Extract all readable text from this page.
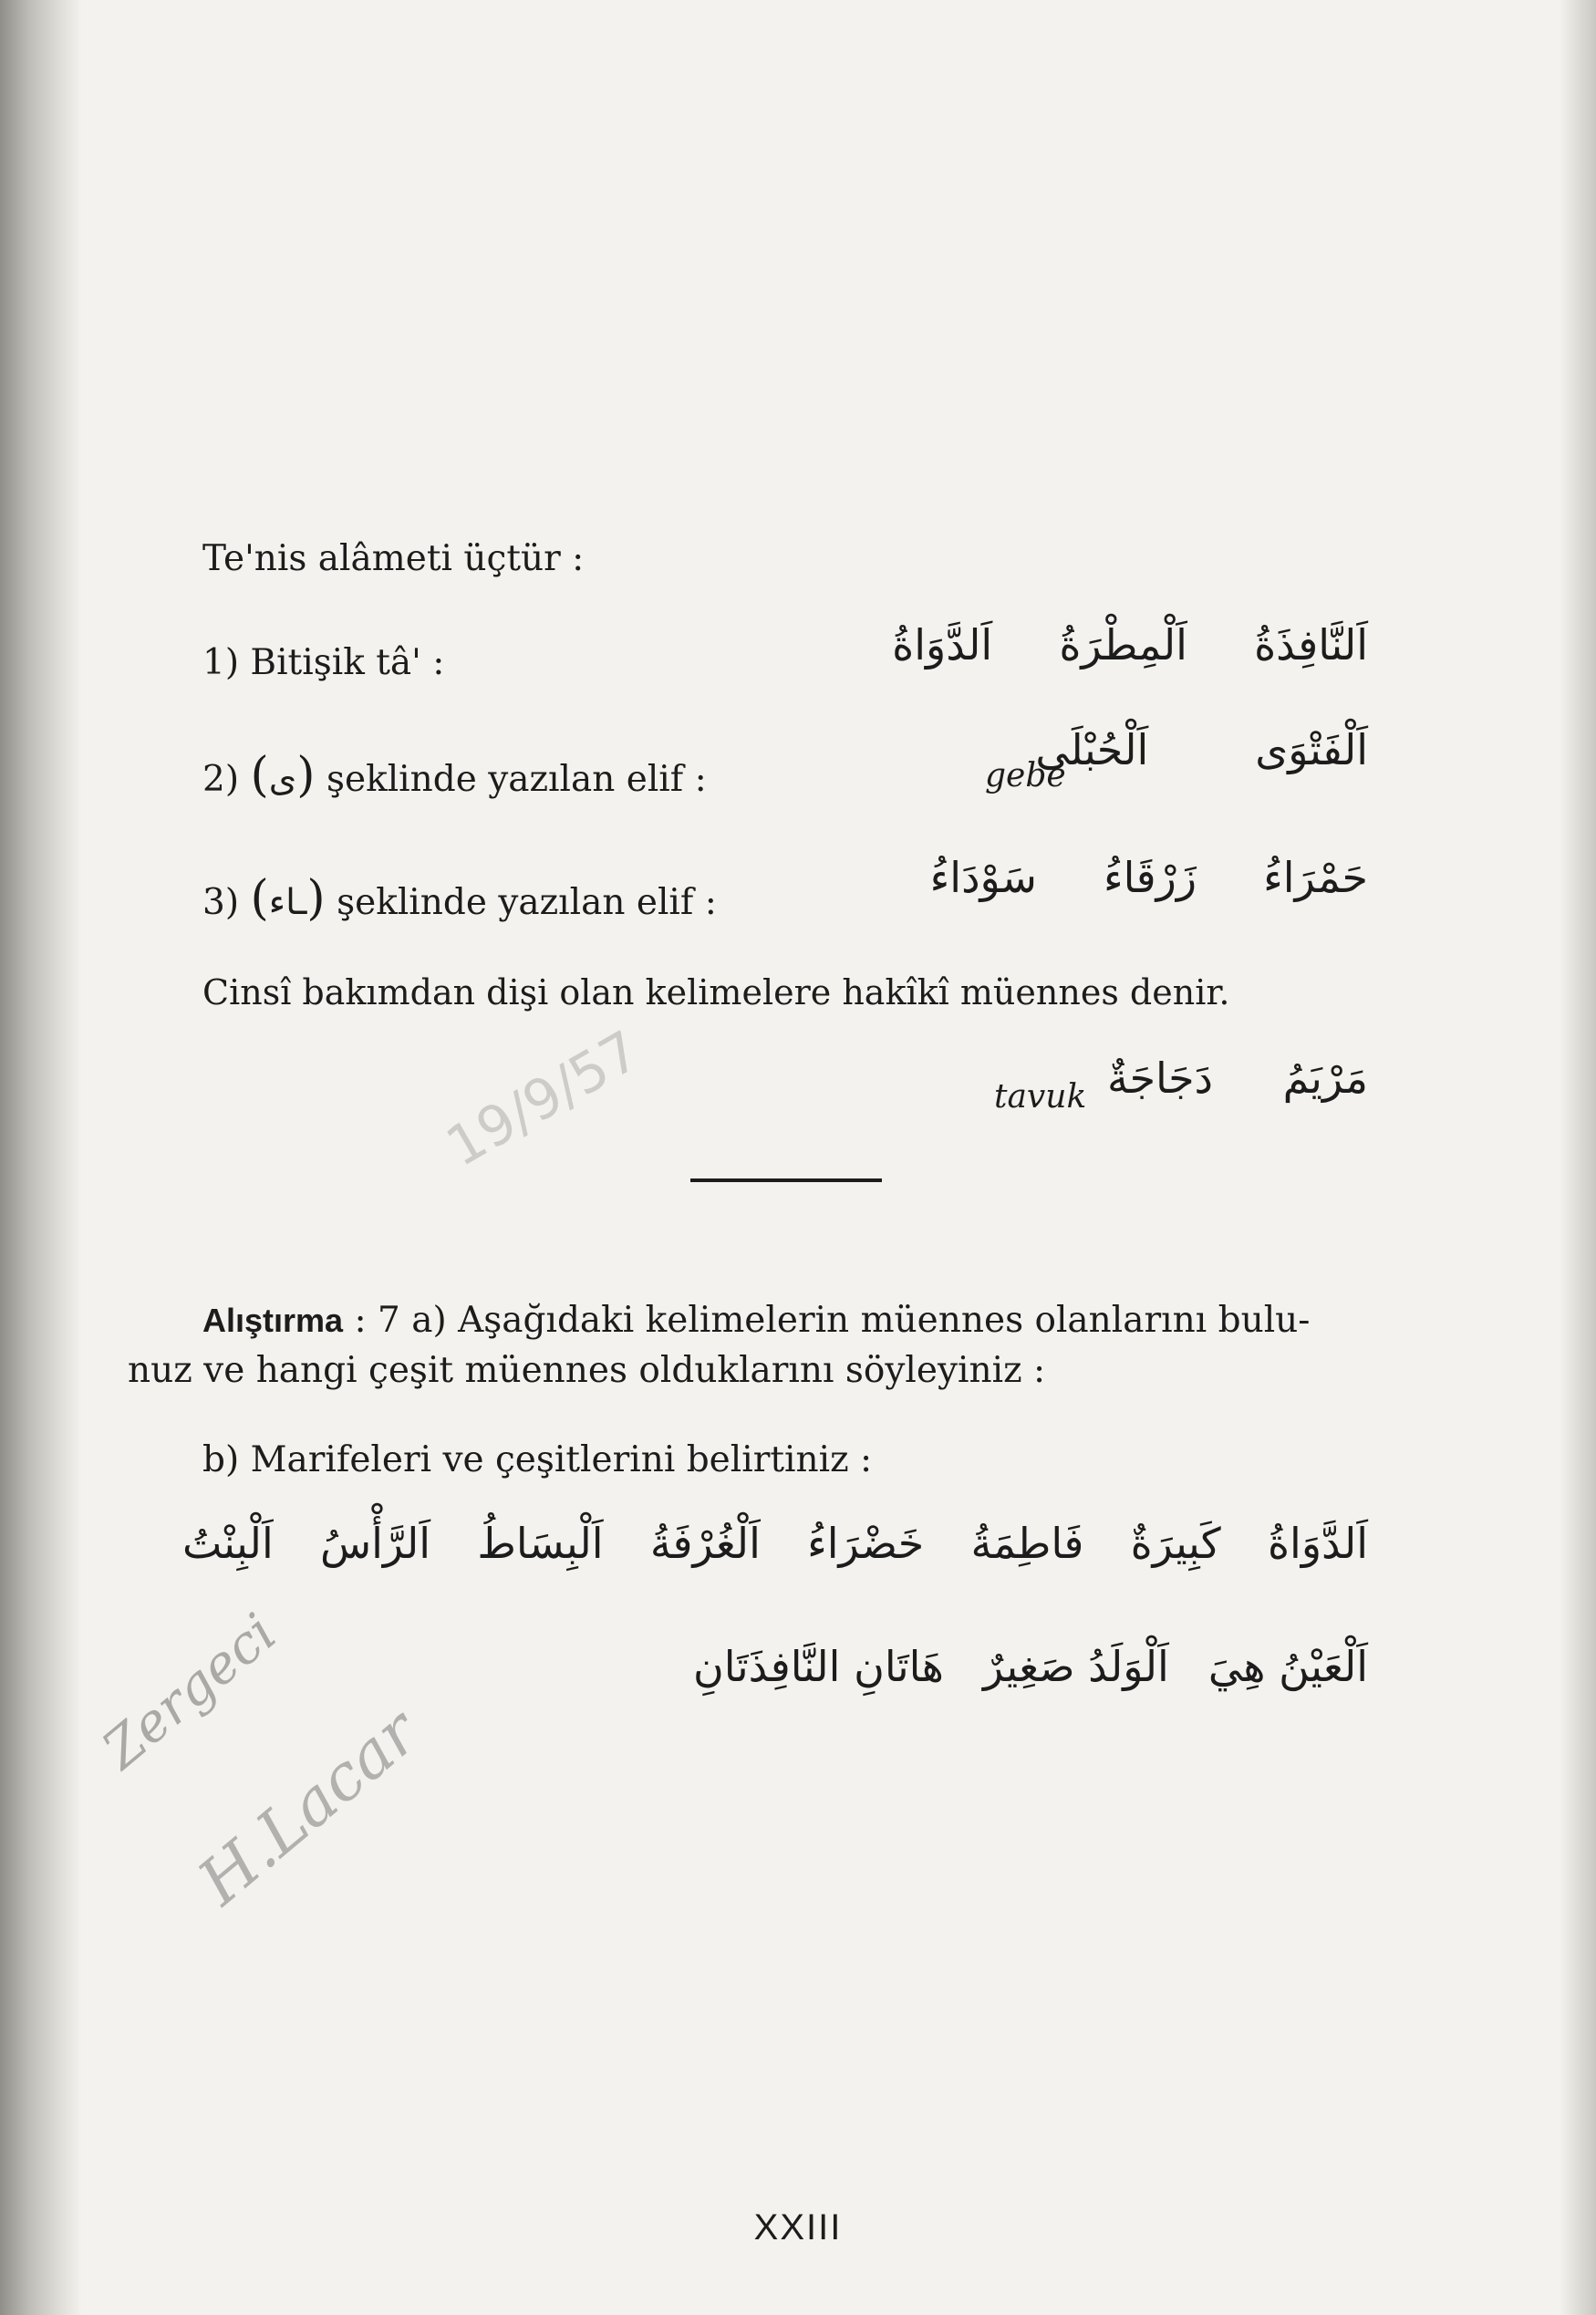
Te'nis alâmeti üçtür :
1) Bitişik tâ' :	اَلنَّافِذَةُ     اَلْمِطْرَةُ     اَلدَّوَاةُ
2) (ى) şeklinde yazılan elif :	gebe
اَلْفَتْوَى        اَلْحُبْلَى
3) (ـاء) şeklinde yazılan elif :
حَمْرَاءُ     زَرْقَاءُ     سَوْدَاءُ
Cinsî bakımdan dişi olan kelimelere hakîkî müennes denir.
tavuk دَجَاجَةٌ	مَرْيَمُ
19/9/57
Alıştırma : 7 a) Aşağıdaki kelimelerin müennes olanlarını bulu-
nuz ve hangi çeşit müennes olduklarını söyleyiniz :
b) Marifeleri ve çeşitlerini belirtiniz :
اَلدَّوَاةُ
كَبِيرَةٌ
فَاطِمَةُ
خَضْرَاءُ
اَلْغُرْفَةُ
اَلْبِسَاطُ
اَلرَّأْسُ
اَلْبِنْتُ
اَلْعَيْنُ هِيَ
اَلْوَلَدُ صَغِيرٌ
هَاتَانِ النَّافِذَتَانِ
Zergeci
H.Lacar
XXIII
